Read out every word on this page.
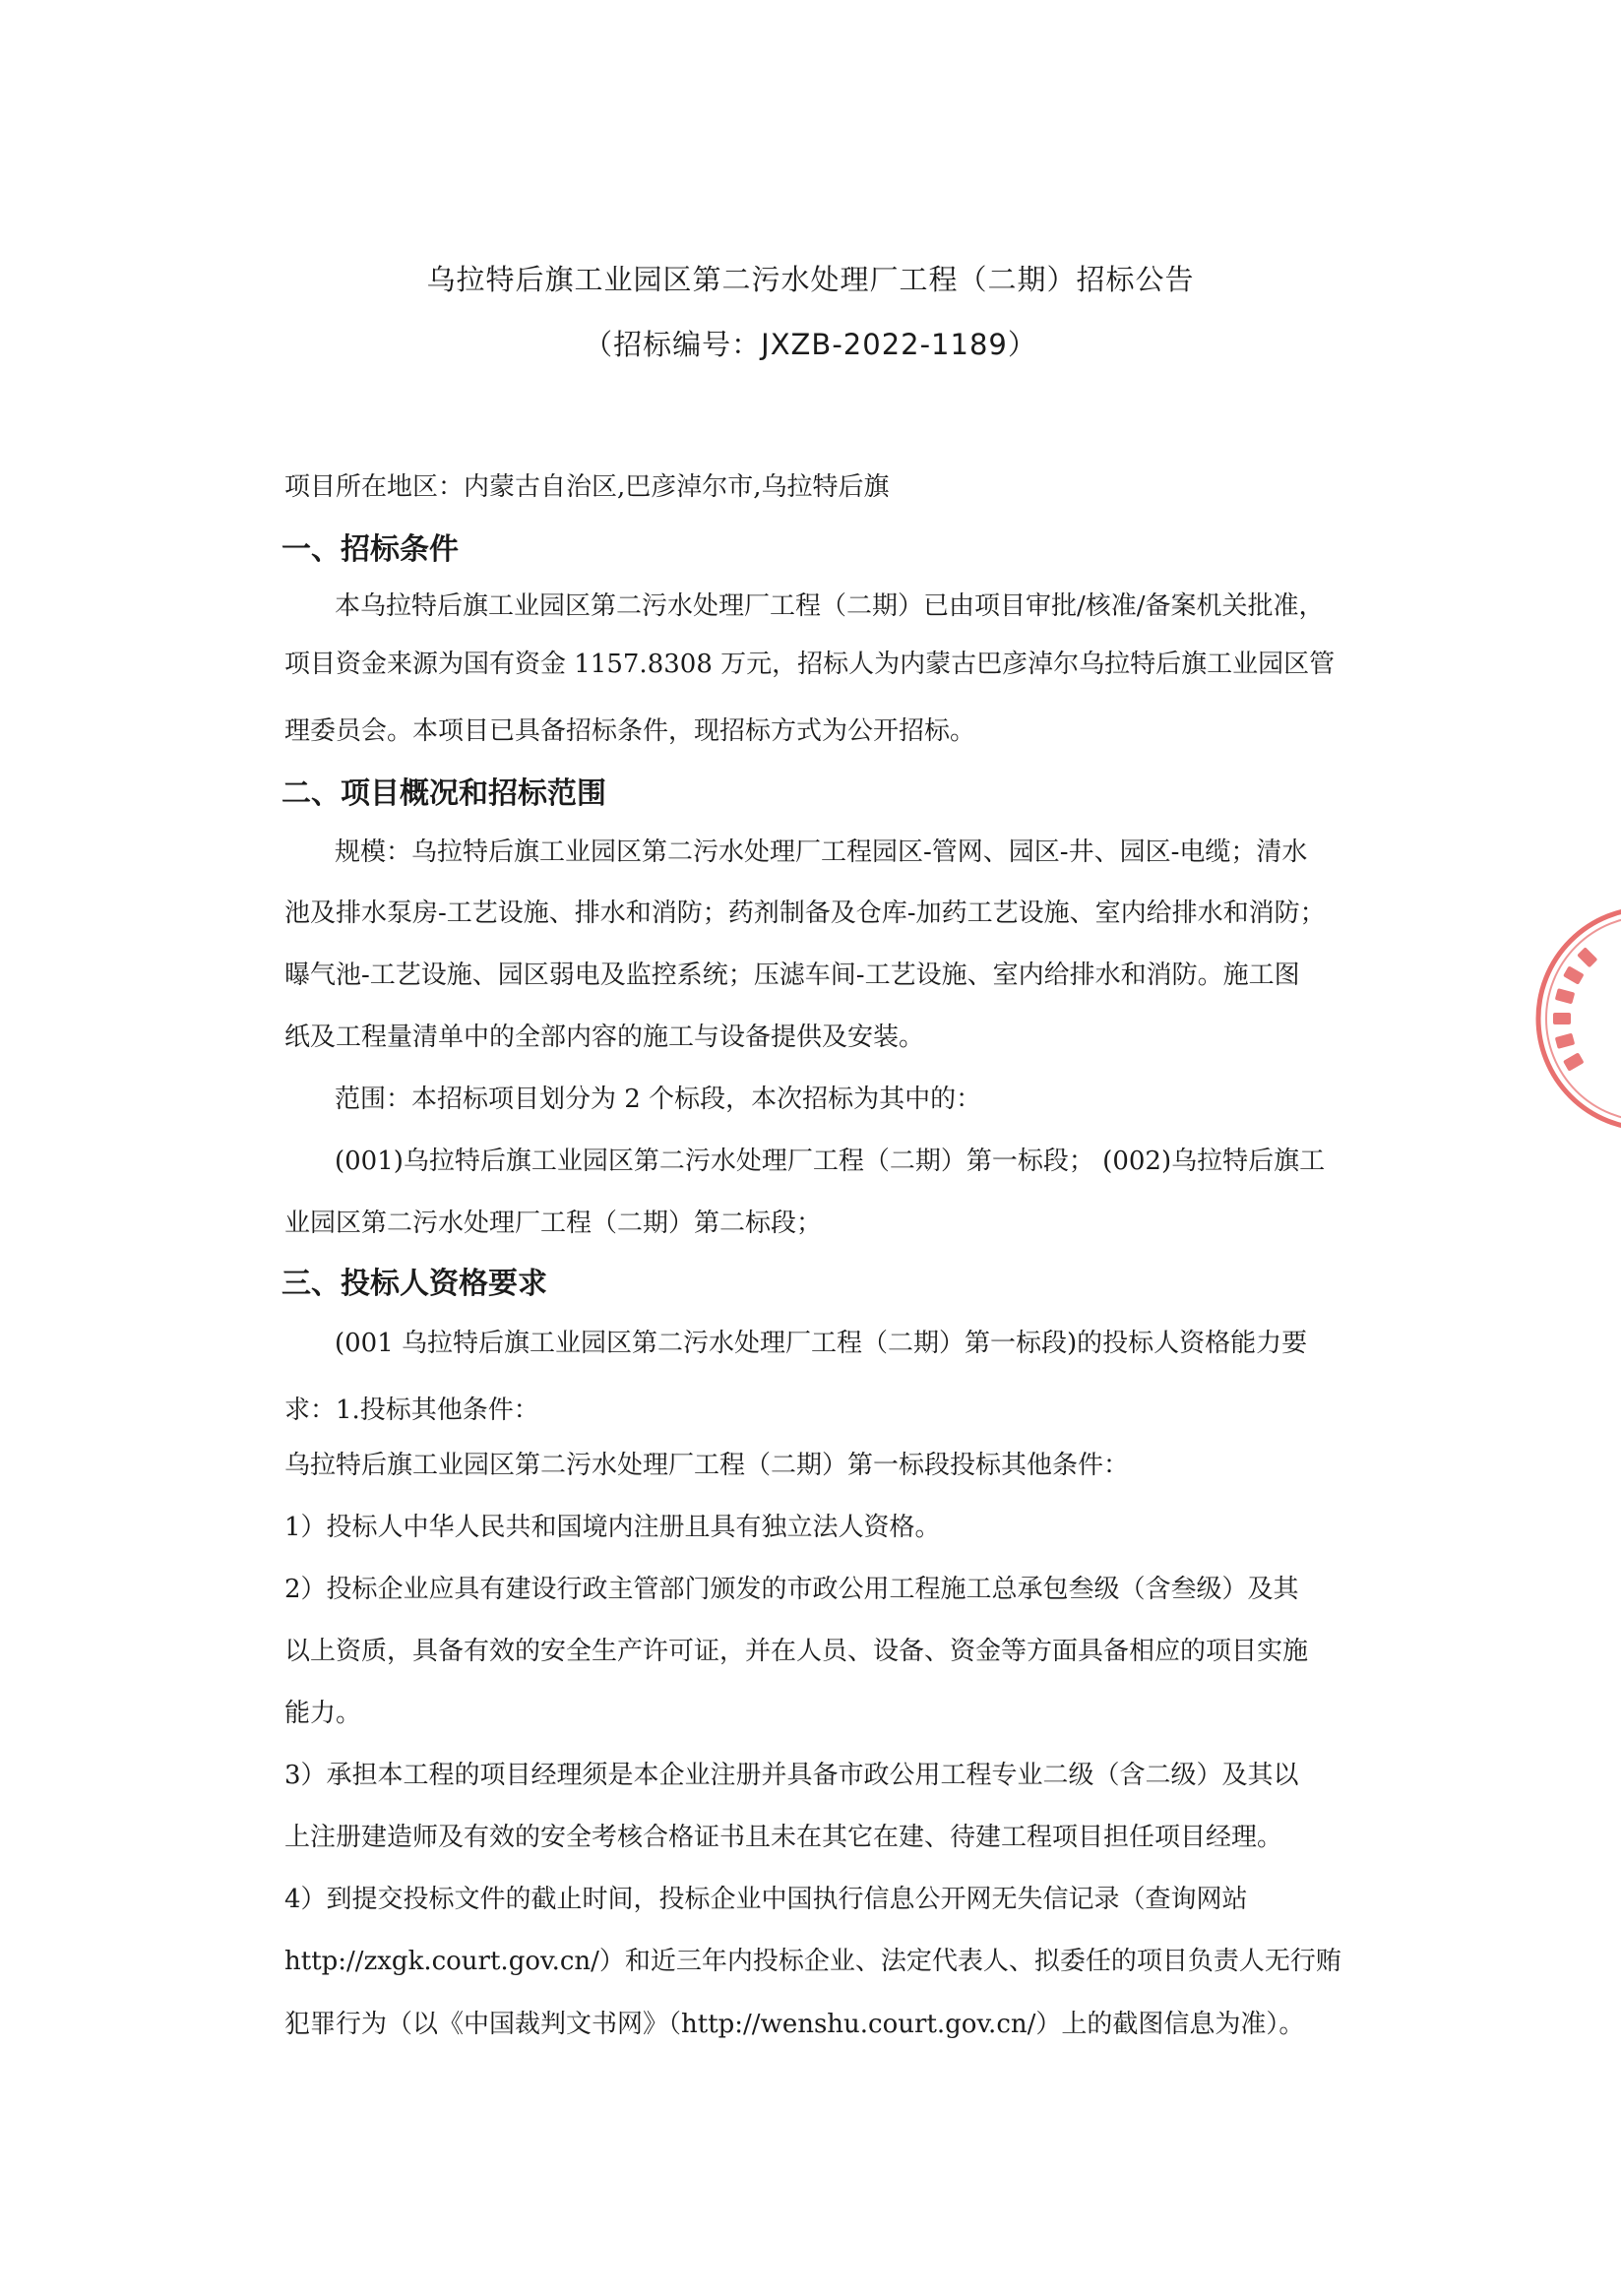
乌拉特后旗工业园区第二污水处理厂工程（二期）招标公告
（招标编号：JXZB-2022-1189）
项目所在地区：内蒙古自治区,巴彦淖尔市,乌拉特后旗
一、招标条件
本乌拉特后旗工业园区第二污水处理厂工程（二期）已由项目审批/核准/备案机关批准，
项目资金来源为国有资金 1157.8308 万元，招标人为内蒙古巴彦淖尔乌拉特后旗工业园区管
理委员会。本项目已具备招标条件，现招标方式为公开招标。
二、项目概况和招标范围
规模：乌拉特后旗工业园区第二污水处理厂工程园区-管网、园区-井、园区-电缆；清水
池及排水泵房-工艺设施、排水和消防；药剂制备及仓库-加药工艺设施、室内给排水和消防；
曝气池-工艺设施、园区弱电及监控系统；压滤车间-工艺设施、室内给排水和消防。施工图
纸及工程量清单中的全部内容的施工与设备提供及安装。
范围：本招标项目划分为 2 个标段，本次招标为其中的：
(001)乌拉特后旗工业园区第二污水处理厂工程（二期）第一标段； (002)乌拉特后旗工
业园区第二污水处理厂工程（二期）第二标段；
三、投标人资格要求
(001 乌拉特后旗工业园区第二污水处理厂工程（二期）第一标段)的投标人资格能力要
求：1.投标其他条件：
乌拉特后旗工业园区第二污水处理厂工程（二期）第一标段投标其他条件：
1）投标人中华人民共和国境内注册且具有独立法人资格。
2）投标企业应具有建设行政主管部门颁发的市政公用工程施工总承包叁级（含叁级）及其
以上资质，具备有效的安全生产许可证，并在人员、设备、资金等方面具备相应的项目实施
能力。
3）承担本工程的项目经理须是本企业注册并具备市政公用工程专业二级（含二级）及其以
上注册建造师及有效的安全考核合格证书且未在其它在建、待建工程项目担任项目经理。
4）到提交投标文件的截止时间，投标企业中国执行信息公开网无失信记录（查询网站
http://zxgk.court.gov.cn/）和近三年内投标企业、法定代表人、拟委任的项目负责人无行贿
犯罪行为（以《中国裁判文书网》（http://wenshu.court.gov.cn/）上的截图信息为准）。
